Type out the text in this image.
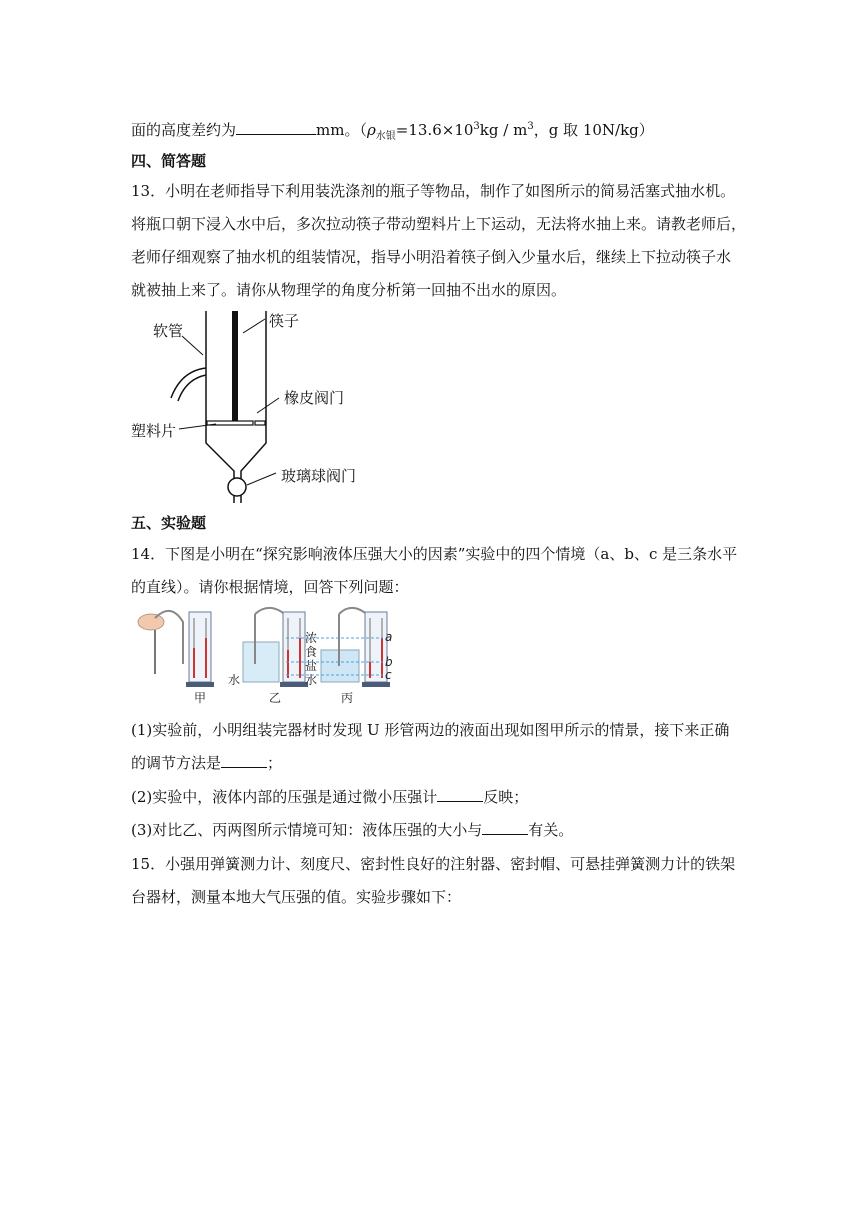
面的高度差约为	mm。（$\rho_{水银}=13.6\times 10^3kg / m^3$，g 取 10N/kg）
四、简答题
13．小明在老师指导下利用装洗涤剂的瓶子等物品，制作了如图所示的简易活塞式抽水机。
将瓶口朝下浸入水中后，多次拉动筷子带动塑料片上下运动，无法将水抽上来。请教老师后，
老师仔细观察了抽水机的组装情况，指导小明沿着筷子倒入少量水后，继续上下拉动筷子水
就被抽上来了。请你从物理学的角度分析第一回抽不出水的原因。
软管
筷子
橡皮阀门
塑料片
玻璃球阀门
五、实验题
14．下图是小明在“探究影响液体压强大小的因素”实验中的四个情境（a、b、c 是三条水平
的直线）。请你根据情境，回答下列问题：
甲
水
乙
浓
食
盐
水
丙
a
b
c
(1)实验前，小明组装完器材时发现 U 形管两边的液面出现如图甲所示的情景，接下来正确
的调节方法是	；
(2)实验中，液体内部的压强是通过微小压强计	反映；
(3)对比乙、丙两图所示情境可知：液体压强的大小与	有关。
15．小强用弹簧测力计、刻度尺、密封性良好的注射器、密封帽、可悬挂弹簧测力计的铁架
台器材，测量本地大气压强的值。实验步骤如下：
